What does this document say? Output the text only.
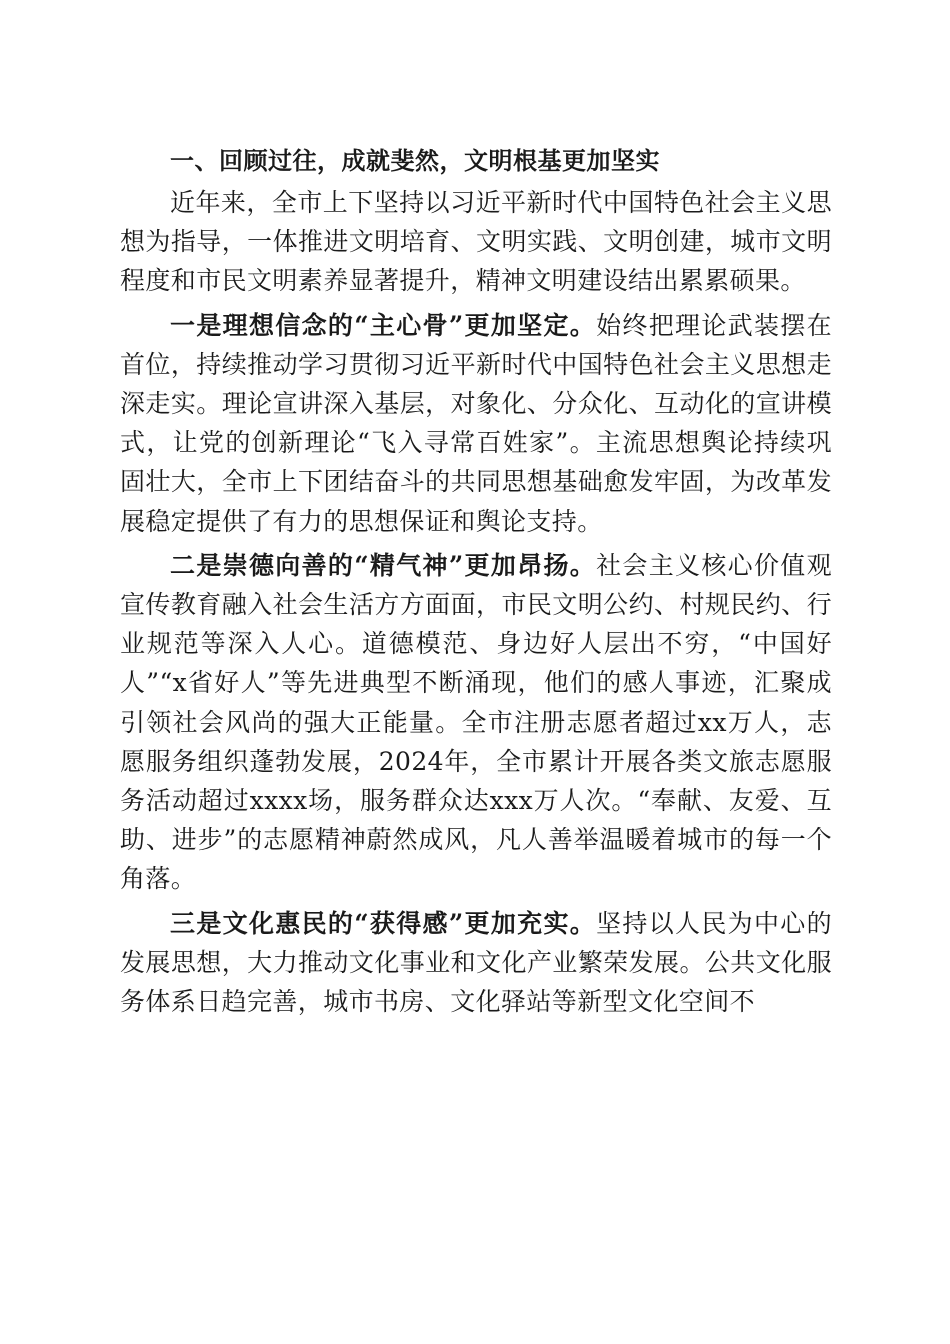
一、回顾过往，成就斐然，文明根基更加坚实

近年来，全市上下坚持以习近平新时代中国特色社会主义思想为指导，一体推进文明培育、文明实践、文明创建，城市文明程度和市民文明素养显著提升，精神文明建设结出累累硕果。

一是理想信念的“主心骨”更加坚定。始终把理论武装摆在首位，持续推动学习贯彻习近平新时代中国特色社会主义思想走深走实。理论宣讲深入基层，对象化、分众化、互动化的宣讲模式，让党的创新理论“飞入寻常百姓家”。主流思想舆论持续巩固壮大，全市上下团结奋斗的共同思想基础愈发牢固，为改革发展稳定提供了有力的思想保证和舆论支持。

二是崇德向善的“精气神”更加昂扬。社会主义核心价值观宣传教育融入社会生活方方面面，市民文明公约、村规民约、行业规范等深入人心。道德模范、身边好人层出不穷，“中国好人”“x省好人”等先进典型不断涌现，他们的感人事迹，汇聚成引领社会风尚的强大正能量。全市注册志愿者超过xx万人，志愿服务组织蓬勃发展，2024年，全市累计开展各类文旅志愿服务活动超过xxxx场，服务群众达xxx万人次。“奉献、友爱、互助、进步”的志愿精神蔚然成风，凡人善举温暖着城市的每一个角落。

三是文化惠民的“获得感”更加充实。坚持以人民为中心的发展思想，大力推动文化事业和文化产业繁荣发展。公共文化服务体系日趋完善，城市书房、文化驿站等新型文化空间不
